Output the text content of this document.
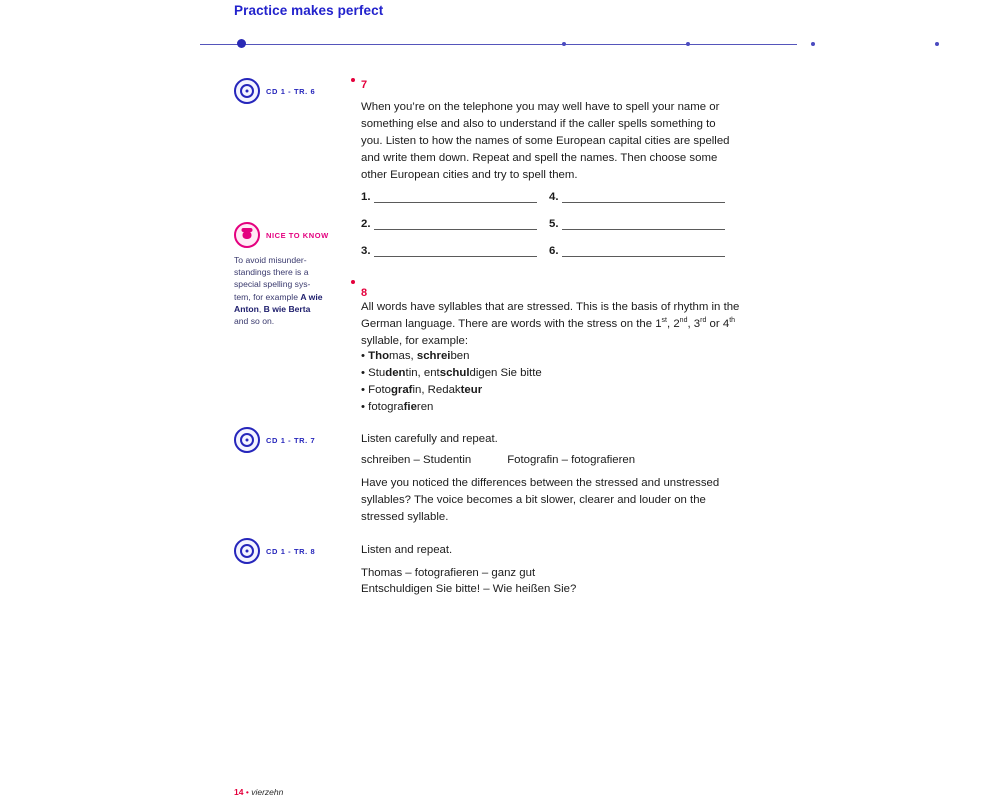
Practice makes perfect
CD 1 - TR. 6	7
When you’re on the telephone you may well have to spell your name or something else and also to understand if the caller spells something to you. Listen to how the names of some European capital cities are spelled and write them down. Repeat and spell the names. Then choose some other European cities and try to spell them.
1.	4.
2.	5.
3.	6.
NICE TO KNOW
To avoid misunder-standings there is a special spelling sys-tem, for example A wie Anton, B wie Berta and so on.
8
All words have syllables that are stressed. This is the basis of rhythm in the German language. There are words with the stress on the 1st, 2nd, 3rd or 4th syllable, for example:
• Thomas, schreiben
• Studentin, entschuldigen Sie bitte
• Fotografin, Redakteur
• fotografieren
CD 1 - TR. 7	Listen carefully and repeat.
schreiben – Studentin	Fotografin – fotografieren
Have you noticed the differences between the stressed and unstressed syllables? The voice becomes a bit slower, clearer and louder on the stressed syllable.
CD 1 - TR. 8	Listen and repeat.
Thomas – fotografieren – ganz gut
Entschuldigen Sie bitte! – Wie heißen Sie?
14 • vierzehn
